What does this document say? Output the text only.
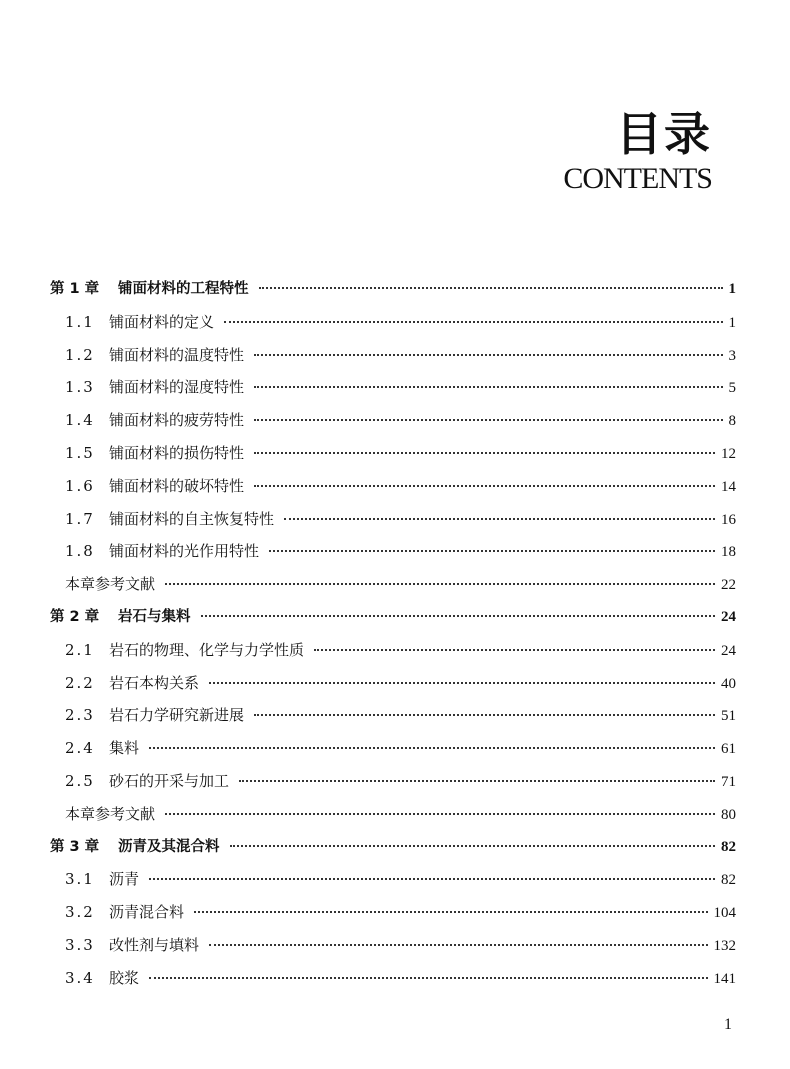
目录
CONTENTS
第 1 章	铺面材料的工程特性	1
1.1 铺面材料的定义	1
1.2 铺面材料的温度特性	3
1.3 铺面材料的湿度特性	5
1.4 铺面材料的疲劳特性	8
1.5 铺面材料的损伤特性	12
1.6 铺面材料的破坏特性	14
1.7 铺面材料的自主恢复特性	16
1.8 铺面材料的光作用特性	18
本章参考文献	22
第 2 章	岩石与集料	24
2.1 岩石的物理、化学与力学性质	24
2.2 岩石本构关系	40
2.3 岩石力学研究新进展	51
2.4 集料	61
2.5 砂石的开采与加工	71
本章参考文献	80
第 3 章	沥青及其混合料	82
3.1 沥青	82
3.2 沥青混合料	104
3.3 改性剂与填料	132
3.4 胶浆	141
1
